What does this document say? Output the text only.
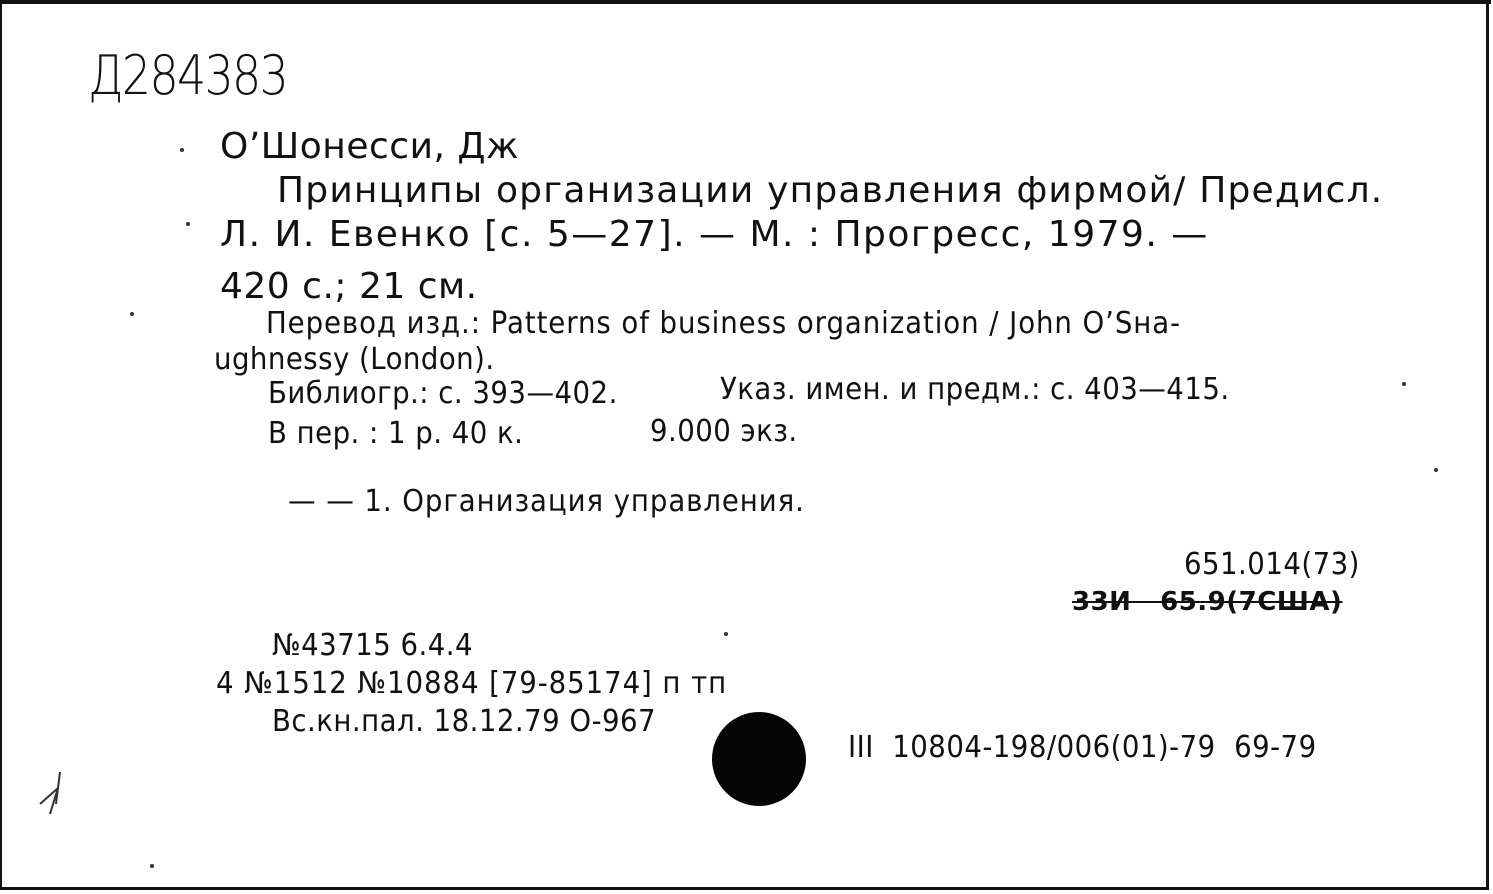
Д284383
О’Шонесси, Дж
Принципы организации управления фирмой/ Предисл.
Л. И. Евенко [с. 5—27]. — М. : Прогресс, 1979. —
420 с.; 21 см.
Перевод изд.: Patterns of business organization / John O’Sна-
ughnessy (London).
Библиогр.: с. 393—402.	Указ. имен. и предм.: с. 403—415.
В пер. : 1 р. 40 к.	9.000 экз.
— — 1. Организация управления.
651.014(73)
33И   65.9(7США)
№43715 6.4.4
4 №1512 №10884 [79-85174] п тп
Вс.кн.пал. 18.12.79 О-967
III  10804-198/006(01)-79  69-79
